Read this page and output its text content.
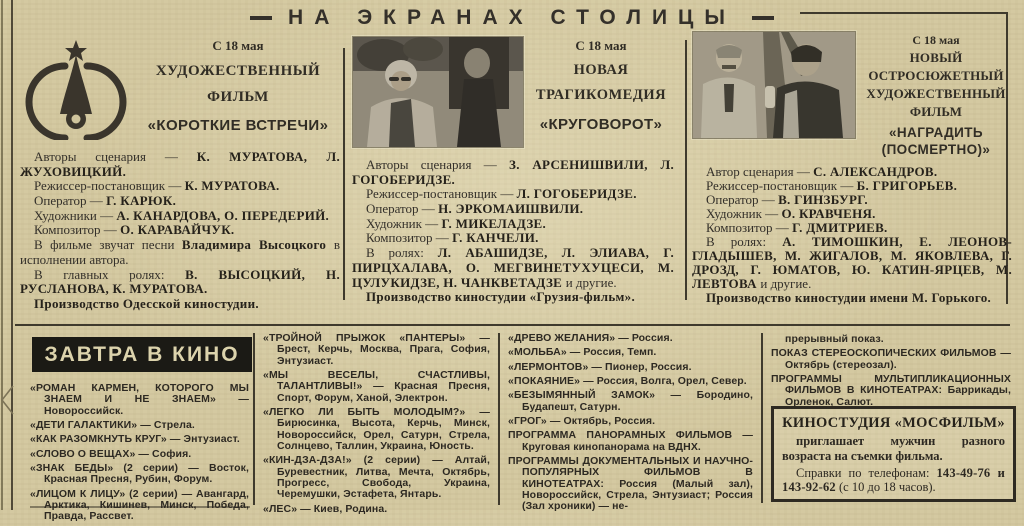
НА ЭКРАНАХ СТОЛИЦЫ
С 18 мая
ХУДОЖЕСТВЕННЫЙ
ФИЛЬМ
«КОРОТКИЕ ВСТРЕЧИ»

Авторы сценария — К. МУРАТОВА, Л. ЖУХОВИЦКИЙ.

Режиссер-постановщик — К. МУРАТОВА.

Оператор — Г. КАРЮК.

Художники — А. КАНАРДОВА, О. ПЕРЕДЕРИЙ.

Композитор — О. КАРАВАЙЧУК.

В фильме звучат песни Владимира Высоцкого в исполнении автора.

В главных ролях: В. ВЫСОЦКИЙ, Н. РУСЛАНОВА, К. МУРАТОВА.

Производство Одесской киностудии.

С 18 мая
НОВАЯ
ТРАГИКОМЕДИЯ
«КРУГОВОРОТ»

Авторы сценария — З. АРСЕНИШВИЛИ, Л. ГОГОБЕРИДЗЕ.

Режиссер-постановщик — Л. ГОГОБЕРИДЗЕ.

Оператор — Н. ЭРКОМАИШВИЛИ.

Художник — Г. МИКЕЛАДЗЕ.

Композитор — Г. КАНЧЕЛИ.

В ролях: Л. АБАШИДЗЕ, Л. ЭЛИАВА, Г. ПИРЦХАЛАВА, О. МЕГВИНЕТУХУЦЕСИ, М. ЦУЛУКИДЗЕ, Н. ЧАНКВЕТАДЗЕ и другие.

Производство киностудии «Грузия-фильм».

С 18 мая
НОВЫЙ
ОСТРОСЮЖЕТНЫЙ
ХУДОЖЕСТВЕННЫЙ
ФИЛЬМ
«НАГРАДИТЬ
(ПОСМЕРТНО)»

Автор сценария — С. АЛЕКСАНДРОВ.

Режиссер-постановщик — Б. ГРИГОРЬЕВ.

Оператор — В. ГИНЗБУРГ.

Художник — О. КРАВЧЕНЯ.

Композитор — Г. ДМИТРИЕВ.

В ролях: А. ТИМОШКИН, Е. ЛЕОНОВ-ГЛАДЫШЕВ, М. ЖИГАЛОВ, М. ЯКОВЛЕВА, Г. ДРОЗД, Г. ЮМАТОВ, Ю. КАТИН-ЯРЦЕВ, М. ЛЕВТОВА и другие.

Производство киностудии имени М. Горького.

ЗАВТРА В КИНО

«РОМАН КАРМЕН, КОТОРОГО МЫ ЗНАЕМ И НЕ ЗНАЕМ» — Новороссийск.

«ДЕТИ ГАЛАКТИКИ» — Стрела.

«КАК РАЗОМКНУТЬ КРУГ» — Энтузиаст.

«СЛОВО О ВЕЩАХ» — София.

«ЗНАК БЕДЫ» (2 серии) — Восток, Красная Пресня, Рубин, Форум.

«ЛИЦОМ К ЛИЦУ» (2 серии) — Авангард, Арктика, Кишинев, Минск, Победа, Правда, Рассвет.

«ТРОЙНОЙ ПРЫЖОК «ПАНТЕРЫ» — Брест, Керчь, Москва, Прага, София, Энтузиаст.

«МЫ ВЕСЕЛЫ, СЧАСТЛИВЫ, ТАЛАНТЛИВЫ!» — Красная Пресня, Спорт, Форум, Ханой, Электрон.

«ЛЕГКО ЛИ БЫТЬ МОЛОДЫМ?» — Бирюсинка, Высота, Керчь, Минск, Новороссийск, Орел, Сатурн, Стрела, Солнцево, Таллин, Украина, Юность.

«КИН-ДЗА-ДЗА!» (2 серии) — Алтай, Буревестник, Литва, Мечта, Октябрь, Прогресс, Свобода, Украина, Черемушки, Эстафета, Янтарь.

«ЛЕС» — Киев, Родина.

«ДРЕВО ЖЕЛАНИЯ» — Россия.

«МОЛЬБА» — Россия, Темп.

«ЛЕРМОНТОВ» — Пионер, Россия.

«ПОКАЯНИЕ» — Россия, Волга, Орел, Север.

«БЕЗЫМЯННЫЙ ЗАМОК» — Бородино, Будапешт, Сатурн.

«ГРОГ» — Октябрь, Россия.

ПРОГРАММА ПАНОРАМНЫХ ФИЛЬМОВ — Круговая кинопанорама на ВДНХ.

ПРОГРАММЫ ДОКУМЕНТАЛЬНЫХ И НАУЧНО-ПОПУЛЯРНЫХ ФИЛЬМОВ В КИНОТЕАТРАХ: Россия (Малый зал), Новороссийск, Стрела, Энтузиаст; Россия (Зал хроники) — не-

прерывный показ.

ПОКАЗ СТЕРЕОСКОПИЧЕСКИХ ФИЛЬМОВ — Октябрь (стереозал).

ПРОГРАММЫ МУЛЬТИПЛИКАЦИОННЫХ ФИЛЬМОВ В КИНОТЕАТРАХ: Баррикады, Орленок, Салют.

КИНОСТУДИЯ «МОСФИЛЬМ»
приглашает мужчин разного возраста на съемки фильма.
Справки по телефонам: 143-49-76 и 143-92-62 (с 10 до 18 часов).
